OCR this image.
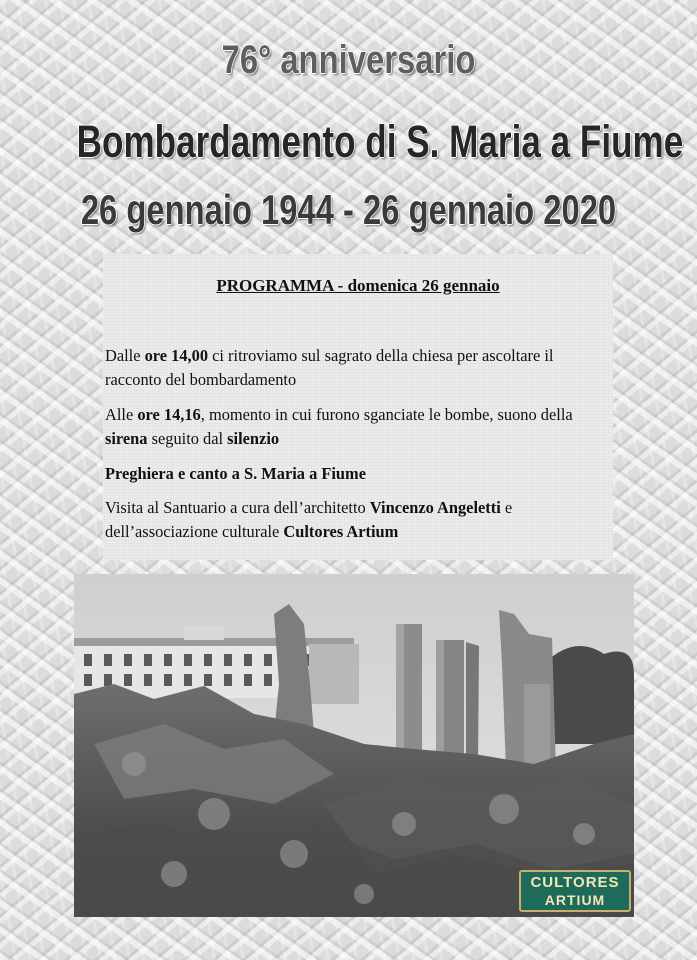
76° anniversario
Bombardamento di S. Maria a Fiume
26 gennaio 1944 - 26 gennaio 2020
PROGRAMMA - domenica 26 gennaio
Dalle ore 14,00 ci ritroviamo sul sagrato della chiesa per ascoltare il racconto del bombardamento
Alle ore 14,16, momento in cui furono sganciate le bombe, suono della sirena seguito dal silenzio
Preghiera e canto a S. Maria a Fiume
Visita al Santuario a cura dell’architetto Vincenzo Angeletti e dell’associazione culturale Cultores Artium
CULTORES
ARTIUM
